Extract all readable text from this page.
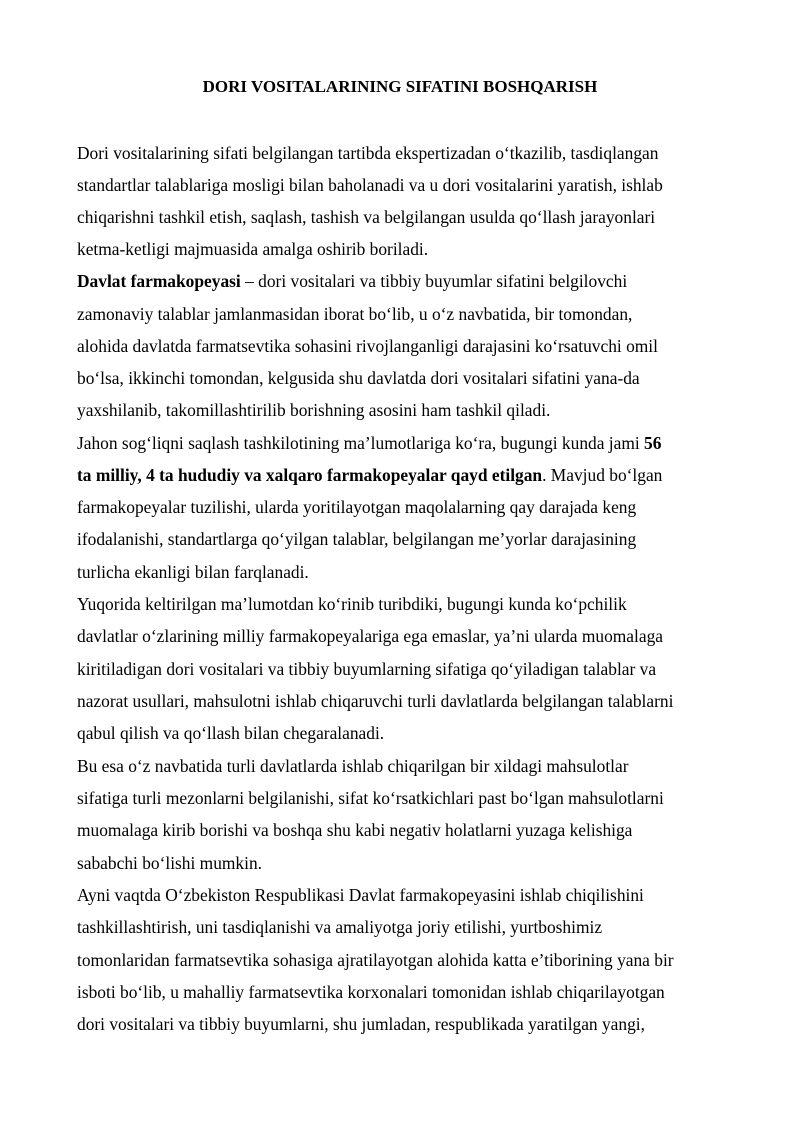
DORI VOSITALARINING SIFATINI BOSHQARISH

Dori vositalarining sifati belgilangan tartibda ekspertizadan o‘tkazilib, tasdiqlangan

standartlar talablariga mosligi bilan baholanadi va u dori vositalarini yaratish, ishlab

chiqarishni tashkil etish, saqlash, tashish va belgilangan usulda qo‘llash jarayonlari

ketma-ketligi majmuasida amalga oshirib boriladi.

Davlat farmakopeyasi – dori vositalari va tibbiy buyumlar sifatini belgilovchi

zamonaviy talablar jamlanmasidan iborat bo‘lib, u o‘z navbatida, bir tomondan,

alohida davlatda farmatsevtika sohasini rivojlanganligi darajasini ko‘rsatuvchi omil

bo‘lsa, ikkinchi tomondan, kelgusida shu davlatda dori vositalari sifatini yana-da

yaxshilanib, takomillashtirilib borishning asosini ham tashkil qiladi.

Jahon sog‘liqni saqlash tashkilotining ma’lumotlariga ko‘ra, bugungi kunda jami 56

ta milliy, 4 ta hududiy va xalqaro farmakopeyalar qayd etilgan. Mavjud bo‘lgan

farmakopeyalar tuzilishi, ularda yoritilayotgan maqolalarning qay darajada keng

ifodalanishi, standartlarga qo‘yilgan talablar, belgilangan me’yorlar darajasining

turlicha ekanligi bilan farqlanadi.

Yuqorida keltirilgan ma’lumotdan ko‘rinib turibdiki, bugungi kunda ko‘pchilik

davlatlar o‘zlarining milliy farmakopeyalariga ega emaslar, ya’ni ularda muomalaga

kiritiladigan dori vositalari va tibbiy buyumlarning sifatiga qo‘yiladigan talablar va

nazorat usullari, mahsulotni ishlab chiqaruvchi turli davlatlarda belgilangan talablarni

qabul qilish va qo‘llash bilan chegaralanadi.

Bu esa o‘z navbatida turli davlatlarda ishlab chiqarilgan bir xildagi mahsulotlar

sifatiga turli mezonlarni belgilanishi, sifat ko‘rsatkichlari past bo‘lgan mahsulotlarni

muomalaga kirib borishi va boshqa shu kabi negativ holatlarni yuzaga kelishiga

sababchi bo‘lishi mumkin.

Ayni vaqtda O‘zbekiston Respublikasi Davlat farmakopeyasini ishlab chiqilishini

tashkillashtirish, uni tasdiqlanishi va amaliyotga joriy etilishi, yurtboshimiz

tomonlaridan farmatsevtika sohasiga ajratilayotgan alohida katta e’tiborining yana bir

isboti bo‘lib, u mahalliy farmatsevtika korxonalari tomonidan ishlab chiqarilayotgan

dori vositalari va tibbiy buyumlarni, shu jumladan, respublikada yaratilgan yangi,
